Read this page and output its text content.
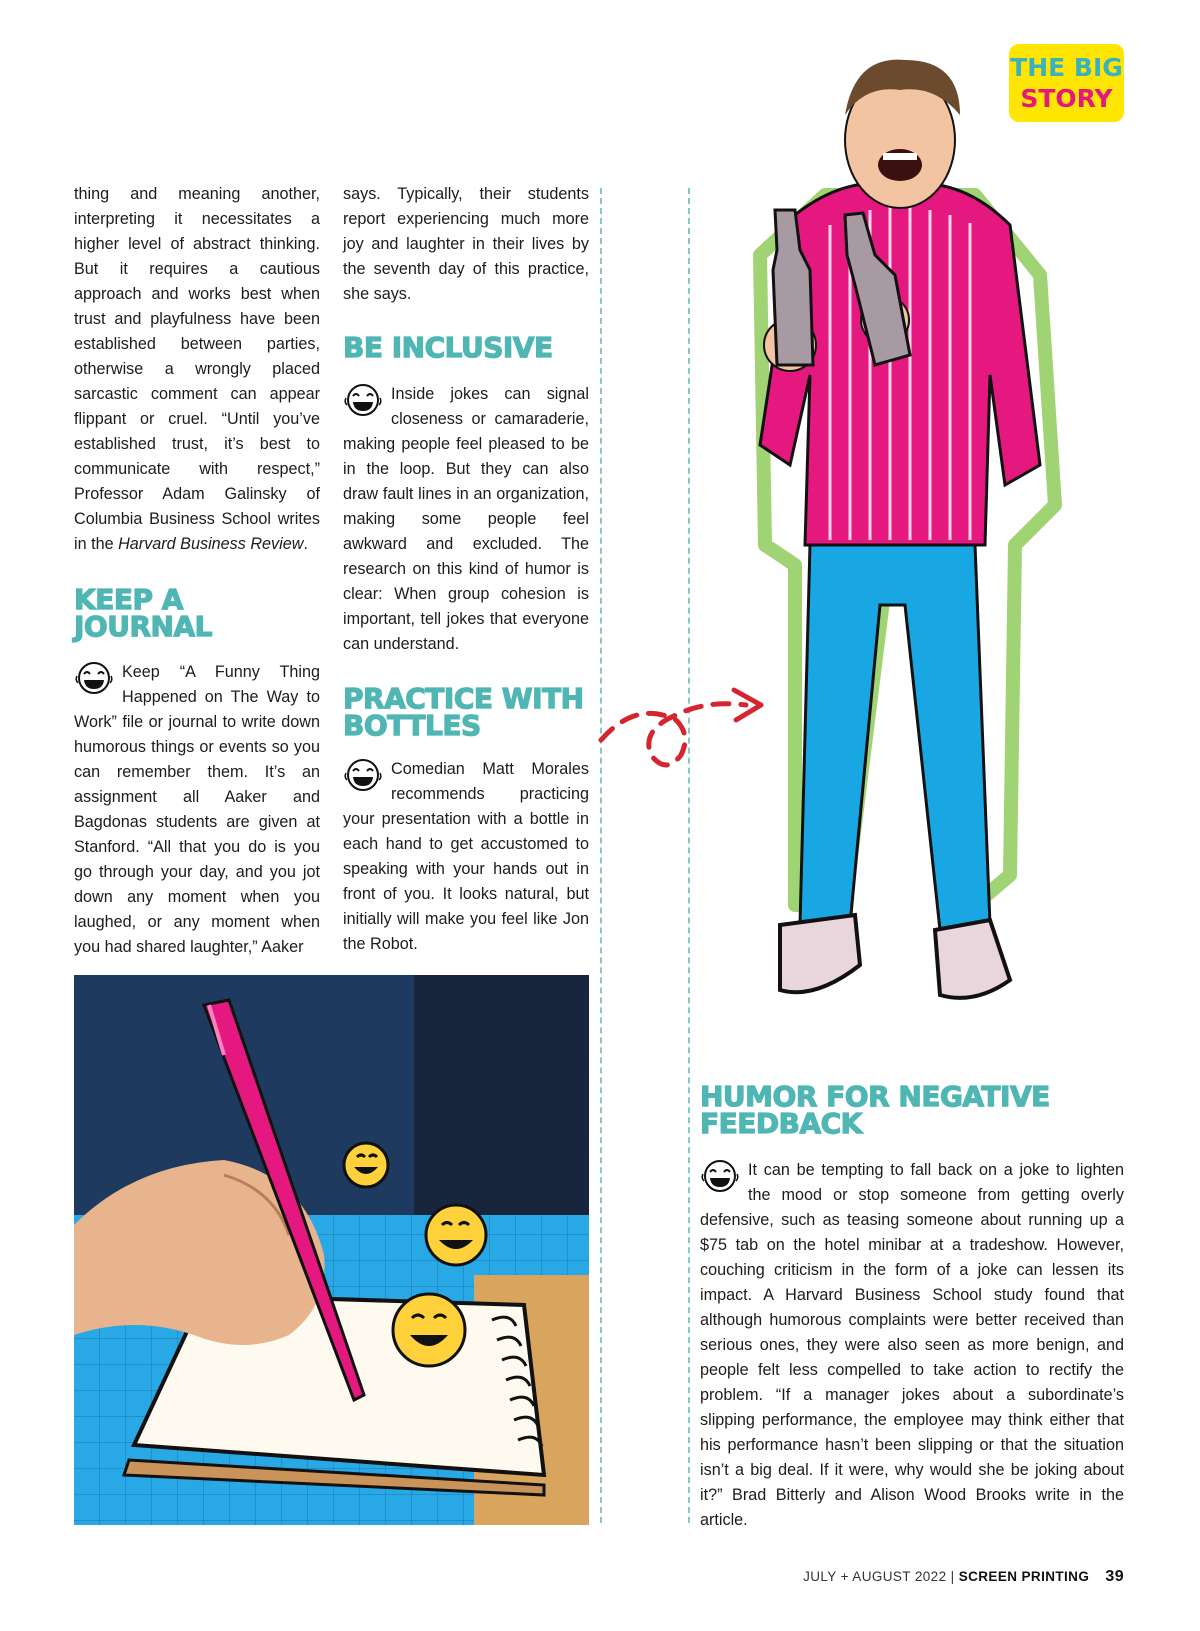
THE BIG
STORY

thing and meaning another, interpreting it necessitates a higher level of abstract thinking. But it requires a cautious approach and works best when trust and playfulness have been established between parties, otherwise a wrongly placed sarcastic comment can appear flippant or cruel. “Until you’ve established trust, it’s best to communicate with respect,” Professor Adam Galinsky of Columbia Business School writes in the Harvard Business Review.

KEEP A JOURNAL

Keep “A Funny Thing Happened on The Way to Work” file or journal to write down humorous things or events so you can remember them. It’s an assignment all Aaker and Bagdonas students are given at Stanford. “All that you do is you go through your day, and you jot down any moment when you laughed, or any moment when you had shared laughter,” Aaker

says. Typically, their students report experiencing much more joy and laughter in their lives by the seventh day of this practice, she says.

BE INCLUSIVE

Inside jokes can signal closeness or camaraderie, making people feel pleased to be in the loop. But they can also draw fault lines in an organization, making some people feel awkward and excluded. The research on this kind of humor is clear: When group cohesion is important, tell jokes that everyone can understand.

PRACTICE WITH BOTTLES

Comedian Matt Morales recommends practicing your presentation with a bottle in each hand to get accustomed to speaking with your hands out in front of you. It looks natural, but initially will make you feel like Jon the Robot.

HUMOR FOR NEGATIVE FEEDBACK

It can be tempting to fall back on a joke to lighten the mood or stop someone from getting overly defensive, such as teasing someone about running up a $75 tab on the hotel minibar at a tradeshow. However, couching criticism in the form of a joke can lessen its impact. A Harvard Business School study found that although humorous complaints were better received than serious ones, they were also seen as more benign, and people felt less compelled to take action to rectify the problem. “If a manager jokes about a subordinate’s slipping performance, the employee may think either that his performance hasn’t been slipping or that the situation isn’t a big deal. If it were, why would she be joking about it?” Brad Bitterly and Alison Wood Brooks write in the article.

JULY + AUGUST 2022 | SCREEN PRINTING 39
